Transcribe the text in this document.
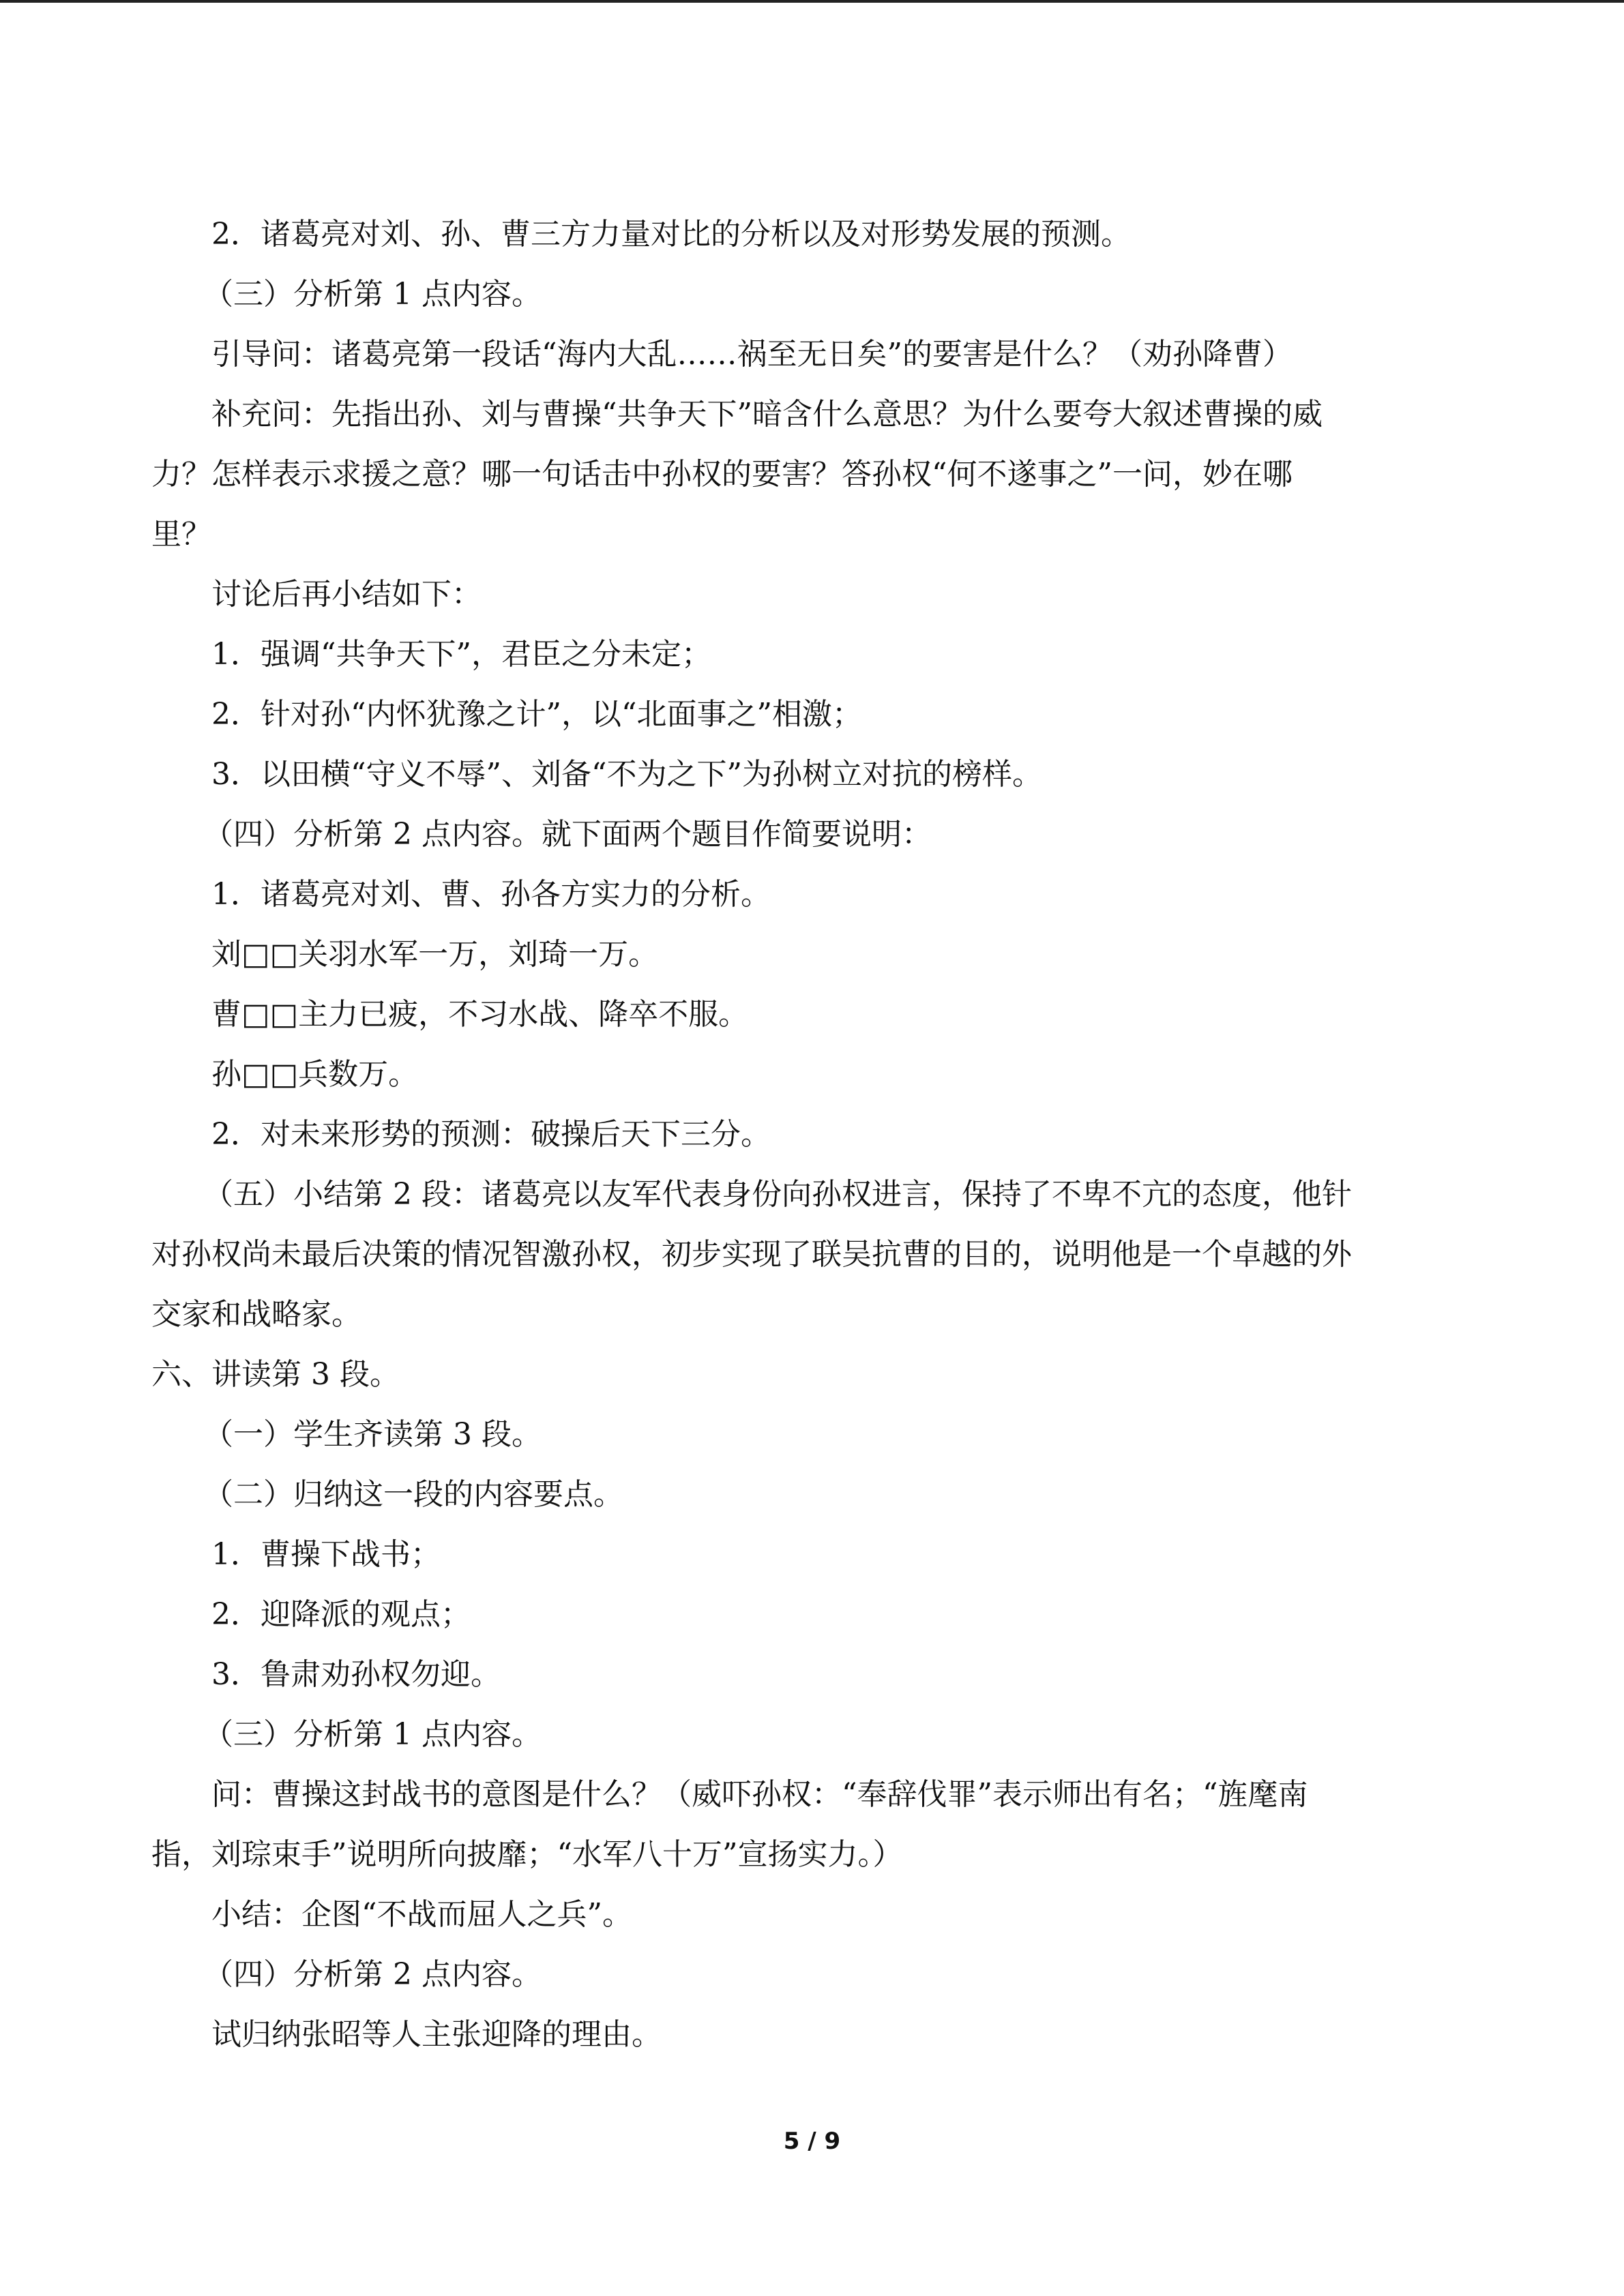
2．诸葛亮对刘、孙、曹三方力量对比的分析以及对形势发展的预测。
（三）分析第 1 点内容。
引导问：诸葛亮第一段话“海内大乱……祸至无日矣”的要害是什么？（劝孙降曹）
补充问：先指出孙、刘与曹操“共争天下”暗含什么意思？为什么要夸大叙述曹操的威
力？怎样表示求援之意？哪一句话击中孙权的要害？答孙权“何不遂事之”一问，妙在哪
里？
讨论后再小结如下：
1．强调“共争天下”，君臣之分未定；
2．针对孙“内怀犹豫之计”，以“北面事之”相激；
3．以田横“守义不辱”、刘备“不为之下”为孙树立对抗的榜样。
（四）分析第 2 点内容。就下面两个题目作简要说明：
1．诸葛亮对刘、曹、孙各方实力的分析。
刘□□关羽水军一万，刘琦一万。
曹□□主力已疲，不习水战、降卒不服。
孙□□兵数万。
2．对未来形势的预测：破操后天下三分。
（五）小结第 2 段：诸葛亮以友军代表身份向孙权进言，保持了不卑不亢的态度，他针
对孙权尚未最后决策的情况智激孙权，初步实现了联吴抗曹的目的，说明他是一个卓越的外
交家和战略家。
六、讲读第 3 段。
（一）学生齐读第 3 段。
（二）归纳这一段的内容要点。
1．曹操下战书；
2．迎降派的观点；
3．鲁肃劝孙权勿迎。
（三）分析第 1 点内容。
问：曹操这封战书的意图是什么？（威吓孙权：“奉辞伐罪”表示师出有名；“旌麾南
指，刘琮束手”说明所向披靡；“水军八十万”宣扬实力。）
小结：企图“不战而屈人之兵”。
（四）分析第 2 点内容。
试归纳张昭等人主张迎降的理由。
5 / 9
